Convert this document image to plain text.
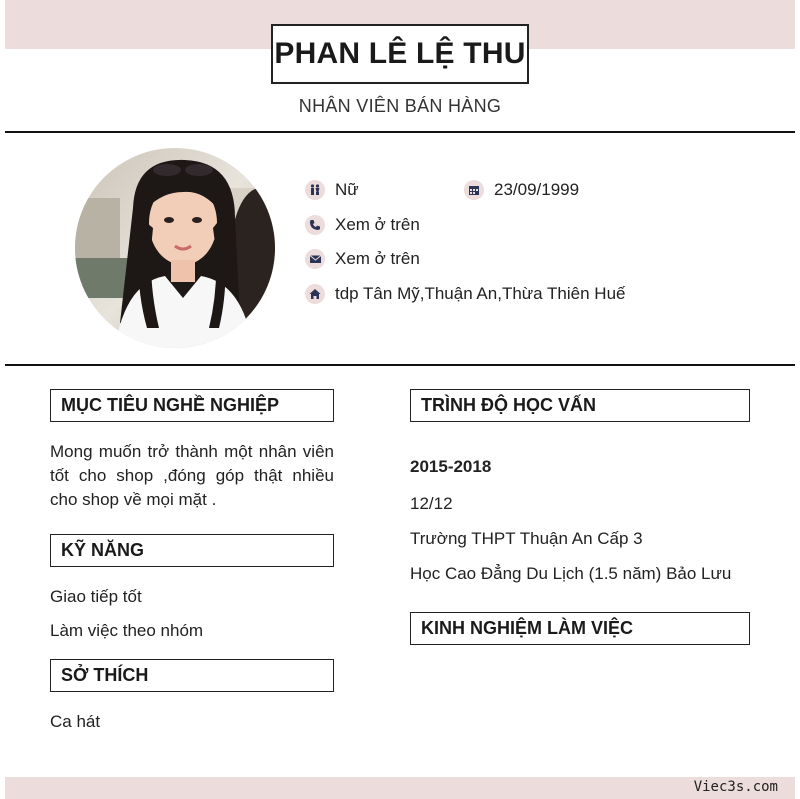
PHAN LÊ LỆ THU
NHÂN VIÊN BÁN HÀNG
Nữ	23/09/1999
Xem ở trên
Xem ở trên
tdp Tân Mỹ,Thuận An,Thừa Thiên Huế
MỤC TIÊU NGHỀ NGHIỆP
Mong muốn trở thành một nhân viên tốt cho shop ,đóng góp thật nhiều cho shop về mọi mặt .
KỸ NĂNG
Giao tiếp tốt
Làm việc theo nhóm
SỞ THÍCH
Ca hát
TRÌNH ĐỘ HỌC VẤN
2015-2018
12/12
Trường THPT Thuận An Cấp 3
Học Cao Đẳng Du Lịch (1.5 năm) Bảo Lưu
KINH NGHIỆM LÀM VIỆC
Viec3s.com
